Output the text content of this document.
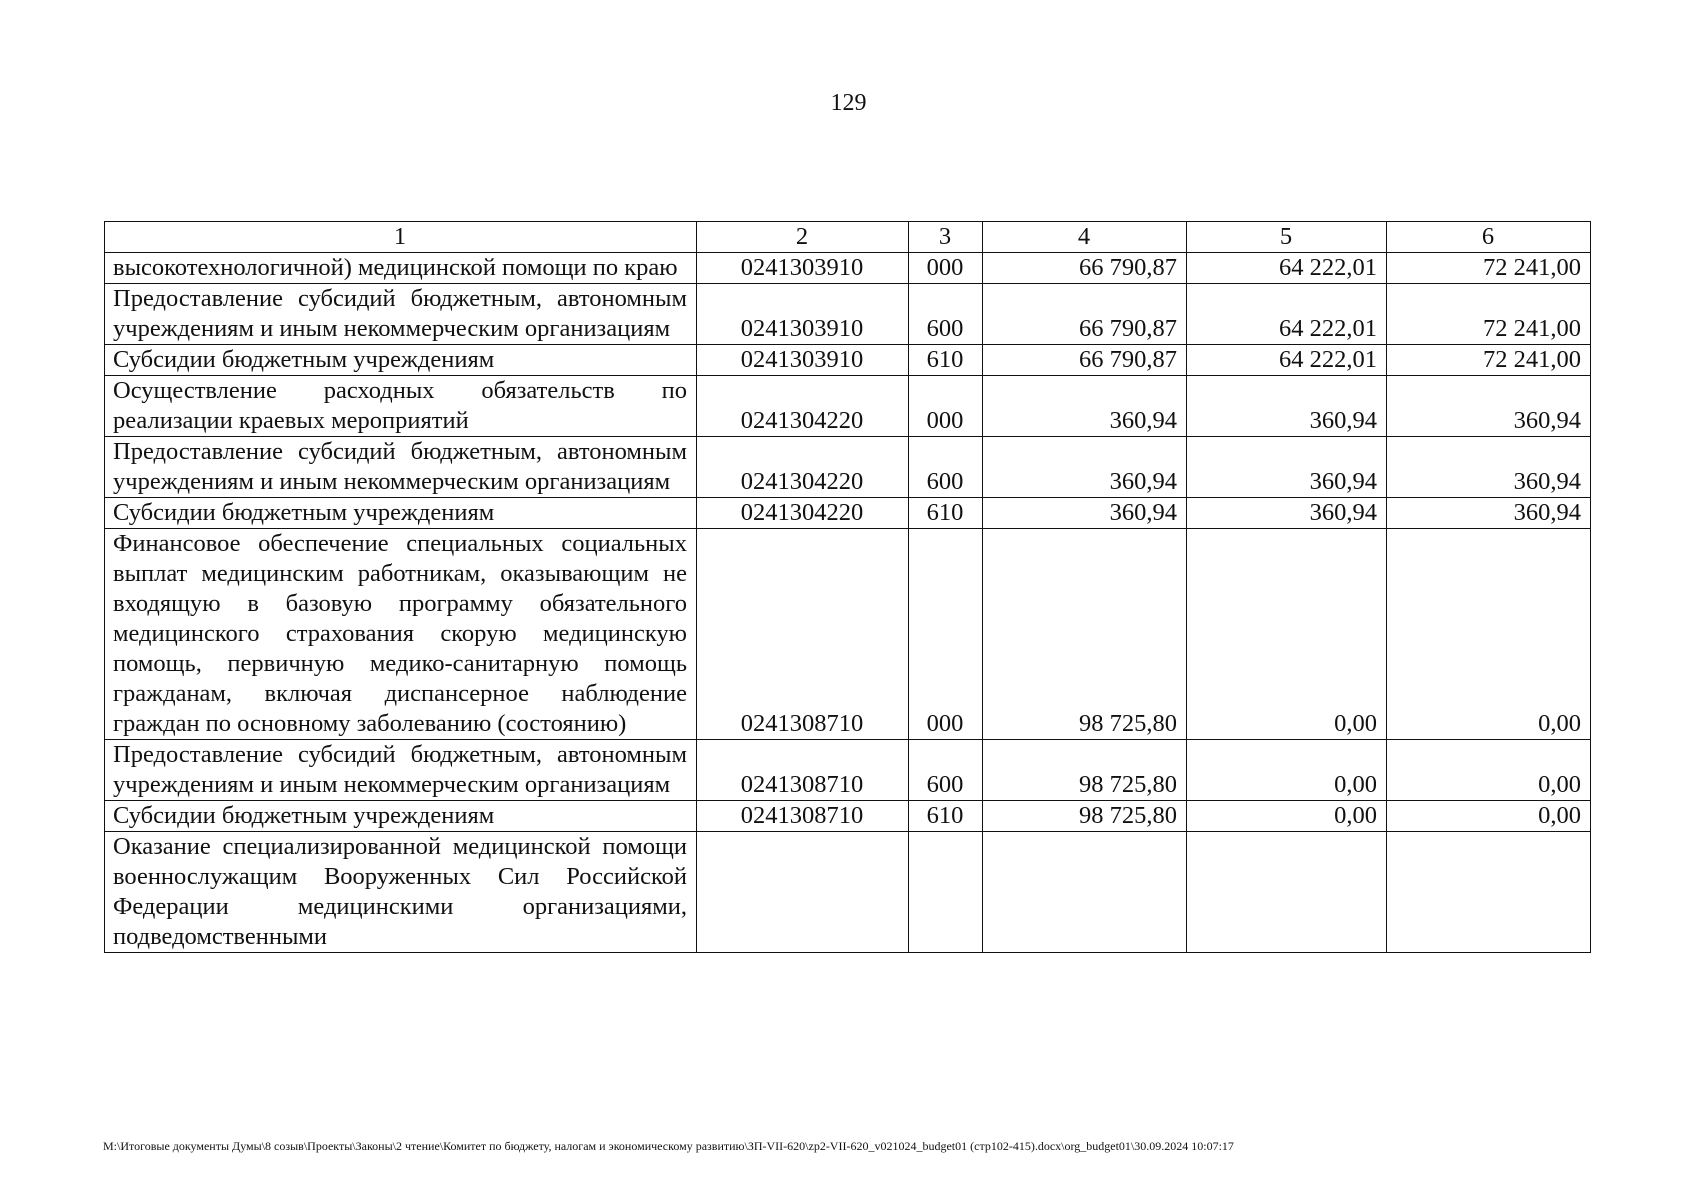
129
1	2	3	4	5	6
высокотехнологичной) медицинской помощи по краю	0241303910	000	66 790,87	64 222,01	72 241,00
Предоставление субсидий бюджетным, автономным учреждениям и иным некоммерческим организациям	0241303910	600	66 790,87	64 222,01	72 241,00
Субсидии бюджетным учреждениям	0241303910	610	66 790,87	64 222,01	72 241,00
Осуществление расходных обязательств по реализации краевых мероприятий	0241304220	000	360,94	360,94	360,94
Предоставление субсидий бюджетным, автономным учреждениям и иным некоммерческим организациям	0241304220	600	360,94	360,94	360,94
Субсидии бюджетным учреждениям	0241304220	610	360,94	360,94	360,94
Финансовое обеспечение специальных социальных выплат медицинским работникам, оказывающим не входящую в базовую программу обязательного медицинского страхования скорую медицинскую помощь, первичную медико-санитарную помощь гражданам, включая диспансерное наблюдение граждан по основному заболеванию (состоянию)	0241308710	000	98 725,80	0,00	0,00
Предоставление субсидий бюджетным, автономным учреждениям и иным некоммерческим организациям	0241308710	600	98 725,80	0,00	0,00
Субсидии бюджетным учреждениям	0241308710	610	98 725,80	0,00	0,00
Оказание специализированной медицинской помощи военнослужащим Вооруженных Сил Российской Федерации медицинскими организациями, подведомственными					
М:\Итоговые документы Думы\8 созыв\Проекты\Законы\2 чтение\Комитет по бюджету, налогам и экономическому развитию\ЗП-VII-620\zp2-VII-620_v021024_budget01 (стр102-415).docx\org_budget01\30.09.2024 10:07:17
